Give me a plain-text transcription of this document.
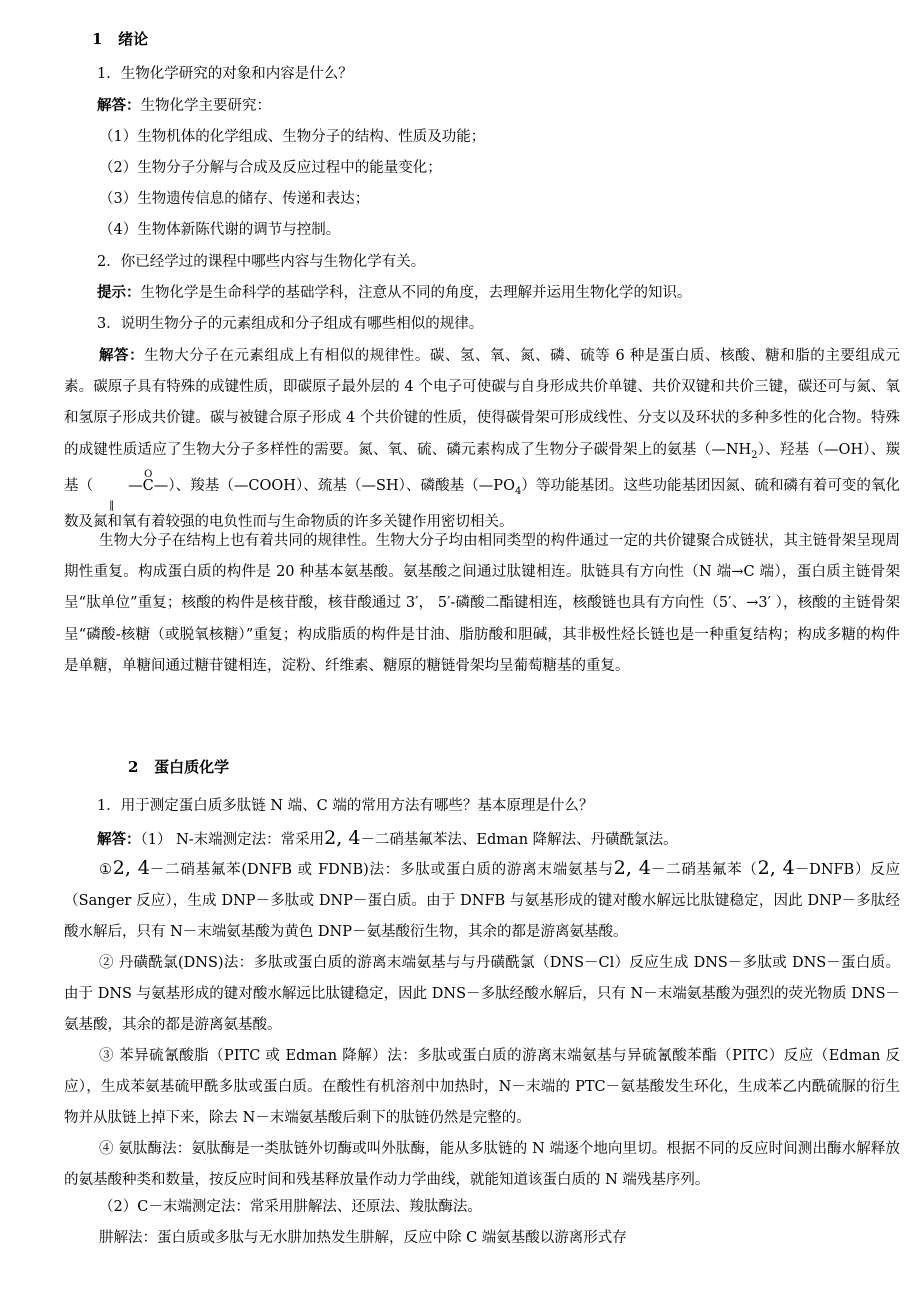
1 绪论
1．生物化学研究的对象和内容是什么？
解答：生物化学主要研究：
（1）生物机体的化学组成、生物分子的结构、性质及功能；
（2）生物分子分解与合成及反应过程中的能量变化；
（3）生物遗传信息的储存、传递和表达；
（4）生物体新陈代谢的调节与控制。
2．你已经学过的课程中哪些内容与生物化学有关。
提示：生物化学是生命科学的基础学科，注意从不同的角度，去理解并运用生物化学的知识。
3．说明生物分子的元素组成和分子组成有哪些相似的规律。

解答：生物大分子在元素组成上有相似的规律性。碳、氢、氧、氮、磷、硫等 6 种是蛋白质、核酸、糖和脂的主要组成元素。碳原子具有特殊的成键性质，即碳原子最外层的 4 个电子可使碳与自身形成共价单键、共价双键和共价三键，碳还可与氮、氧和氢原子形成共价键。碳与被键合原子形成 4 个共价键的性质，使得碳骨架可形成线性、分支以及环状的多种多性的化合物。特殊的成键性质适应了生物大分子多样性的需要。氮、氧、硫、磷元素构成了生物分子碳骨架上的氨基$(—NH_2)$、羟基（—OH）、羰基（
O
‖
—C—）、羧基（—COOH）、巯基（—SH）、磷酸基$(—PO_4)$等功能基团。这些功能基团因氮、硫和磷有着可变的氧化数及氮和氧有着较强的电负性而与生命物质的许多关键作用密切相关。

生物大分子在结构上也有着共同的规律性。生物大分子均由相同类型的构件通过一定的共价键聚合成链状，其主链骨架呈现周期性重复。构成蛋白质的构件是 20 种基本氨基酸。氨基酸之间通过肽键相连。肽链具有方向性（N 端→C 端），蛋白质主链骨架呈“肽单位”重复；核酸的构件是核苷酸，核苷酸通过 3′， 5′-磷酸二酯键相连，核酸链也具有方向性（5′、→3′ ），核酸的主链骨架呈“磷酸-核糖（或脱氧核糖）”重复；构成脂质的构件是甘油、脂肪酸和胆碱，其非极性烃长链也是一种重复结构；构成多糖的构件是单糖，单糖间通过糖苷键相连，淀粉、纤维素、糖原的糖链骨架均呈葡萄糖基的重复。

2 蛋白质化学
1．用于测定蛋白质多肽链 N 端、C 端的常用方法有哪些？基本原理是什么？
解答：（1） N-末端测定法：常采用2, 4－二硝基氟苯法、Edman 降解法、丹磺酰氯法。

①2, 4－二硝基氟苯(DNFB 或 FDNB)法：多肽或蛋白质的游离末端氨基与2, 4－二硝基氟苯（2, 4－DNFB）反应（Sanger 反应），生成 DNP－多肽或 DNP－蛋白质。由于 DNFB 与氨基形成的键对酸水解远比肽键稳定，因此 DNP－多肽经酸水解后，只有 N－末端氨基酸为黄色 DNP－氨基酸衍生物，其余的都是游离氨基酸。

② 丹磺酰氯(DNS)法：多肽或蛋白质的游离末端氨基与与丹磺酰氯（DNS－Cl）反应生成 DNS－多肽或 DNS－蛋白质。由于 DNS 与氨基形成的键对酸水解远比肽键稳定，因此 DNS－多肽经酸水解后，只有 N－末端氨基酸为强烈的荧光物质 DNS－氨基酸，其余的都是游离氨基酸。

③ 苯异硫氰酸脂（PITC 或 Edman 降解）法：多肽或蛋白质的游离末端氨基与异硫氰酸苯酯（PITC）反应（Edman 反应），生成苯氨基硫甲酰多肽或蛋白质。在酸性有机溶剂中加热时，N－末端的 PTC－氨基酸发生环化，生成苯乙内酰硫脲的衍生物并从肽链上掉下来，除去 N－末端氨基酸后剩下的肽链仍然是完整的。

④ 氨肽酶法：氨肽酶是一类肽链外切酶或叫外肽酶，能从多肽链的 N 端逐个地向里切。根据不同的反应时间测出酶水解释放的氨基酸种类和数量，按反应时间和残基释放量作动力学曲线，就能知道该蛋白质的 N 端残基序列。

（2）C－末端测定法：常采用肼解法、还原法、羧肽酶法。
肼解法：蛋白质或多肽与无水肼加热发生肼解，反应中除 C 端氨基酸以游离形式存
